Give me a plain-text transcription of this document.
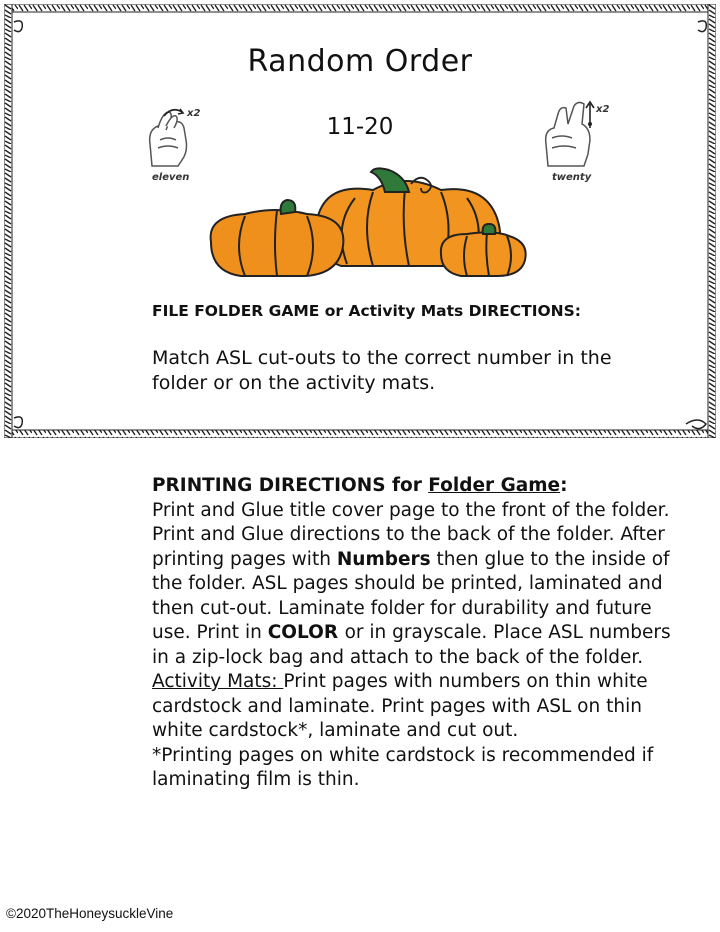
Random Order
11-20
x2
eleven
x2
twenty
FILE FOLDER GAME or Activity Mats DIRECTIONS:
Match ASL cut-outs to the correct number in the folder or on the activity mats.
PRINTING DIRECTIONS for Folder Game:
Print and Glue title cover page to the front of the folder. Print and Glue directions to the back of the folder. After printing pages with Numbers then glue to the inside of the folder. ASL pages should be printed, laminated and then cut-out. Laminate folder for durability and future use. Print in COLOR or in grayscale. Place ASL numbers in a zip-lock bag and attach to the back of the folder.
Activity Mats: Print pages with numbers on thin white cardstock and laminate. Print pages with ASL on thin white cardstock*, laminate and cut out.
*Printing pages on white cardstock is recommended if laminating film is thin.
©2020TheHoneysuckleVine
